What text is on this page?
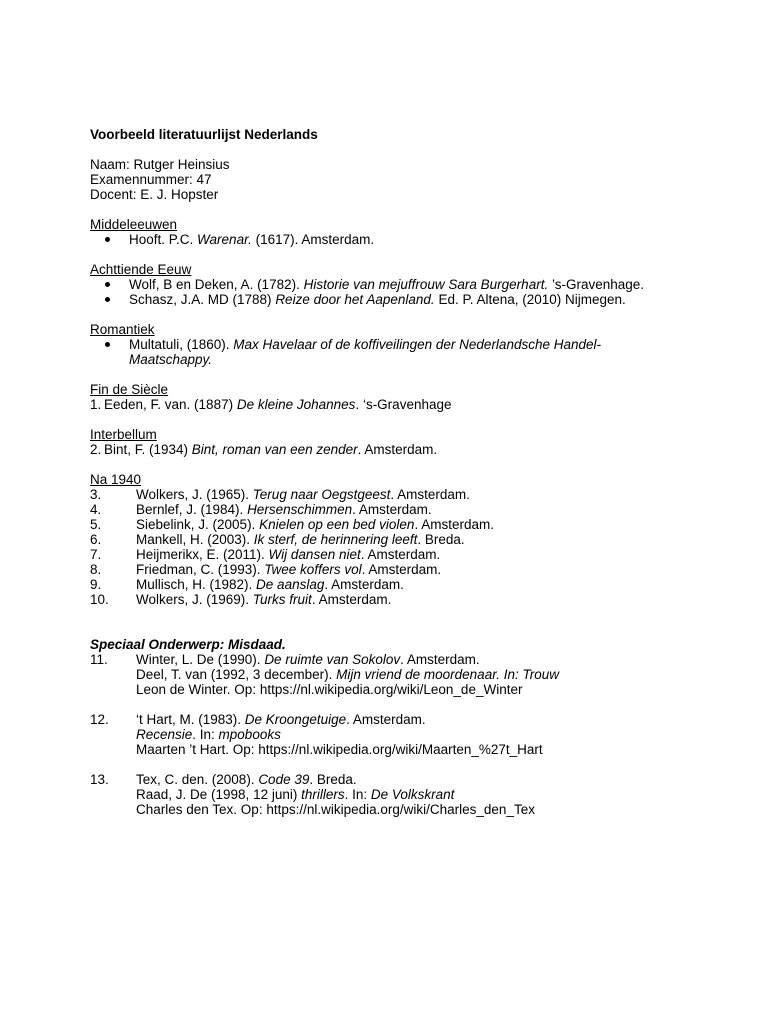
Voorbeeld literatuurlijst Nederlands
Naam: Rutger Heinsius
Examennummer: 47
Docent: E. J. Hopster
Middeleeuwen
Hooft. P.C. Warenar. (1617). Amsterdam.
Achttiende Eeuw
Wolf, B en Deken, A. (1782). Historie van mejuffrouw Sara Burgerhart. ’s-Gravenhage.
Schasz, J.A. MD (1788) Reize door het Aapenland. Ed. P. Altena, (2010) Nijmegen.
Romantiek
Multatuli, (1860). Max Havelaar of de koffiveilingen der Nederlandsche Handel-
Maatschappy.
Fin de Siècle
1. Eeden, F. van. (1887) De kleine Johannes. ‘s-Gravenhage
Interbellum
2. Bint, F. (1934) Bint, roman van een zender. Amsterdam.
Na 1940
3.	Wolkers, J. (1965). Terug naar Oegstgeest. Amsterdam.
4.	Bernlef, J. (1984). Hersenschimmen. Amsterdam.
5.	Siebelink, J. (2005). Knielen op een bed violen. Amsterdam.
6.	Mankell, H. (2003). Ik sterf, de herinnering leeft. Breda.
7.	Heijmerikx, E. (2011). Wij dansen niet. Amsterdam.
8.	Friedman, C. (1993). Twee koffers vol. Amsterdam.
9.	Mullisch, H. (1982). De aanslag. Amsterdam.
10.	Wolkers, J. (1969). Turks fruit. Amsterdam.
Speciaal Onderwerp: Misdaad.
11.	Winter, L. De (1990). De ruimte van Sokolov. Amsterdam.
Deel, T. van (1992, 3 december). Mijn vriend de moordenaar. In: Trouw
Leon de Winter. Op: https://nl.wikipedia.org/wiki/Leon_de_Winter
12.	‘t Hart, M. (1983). De Kroongetuige. Amsterdam.
Recensie. In: mpobooks
Maarten ’t Hart. Op: https://nl.wikipedia.org/wiki/Maarten_%27t_Hart
13.	Tex, C. den. (2008). Code 39. Breda.
Raad, J. De (1998, 12 juni) thrillers. In: De Volkskrant
Charles den Tex. Op: https://nl.wikipedia.org/wiki/Charles_den_Tex
